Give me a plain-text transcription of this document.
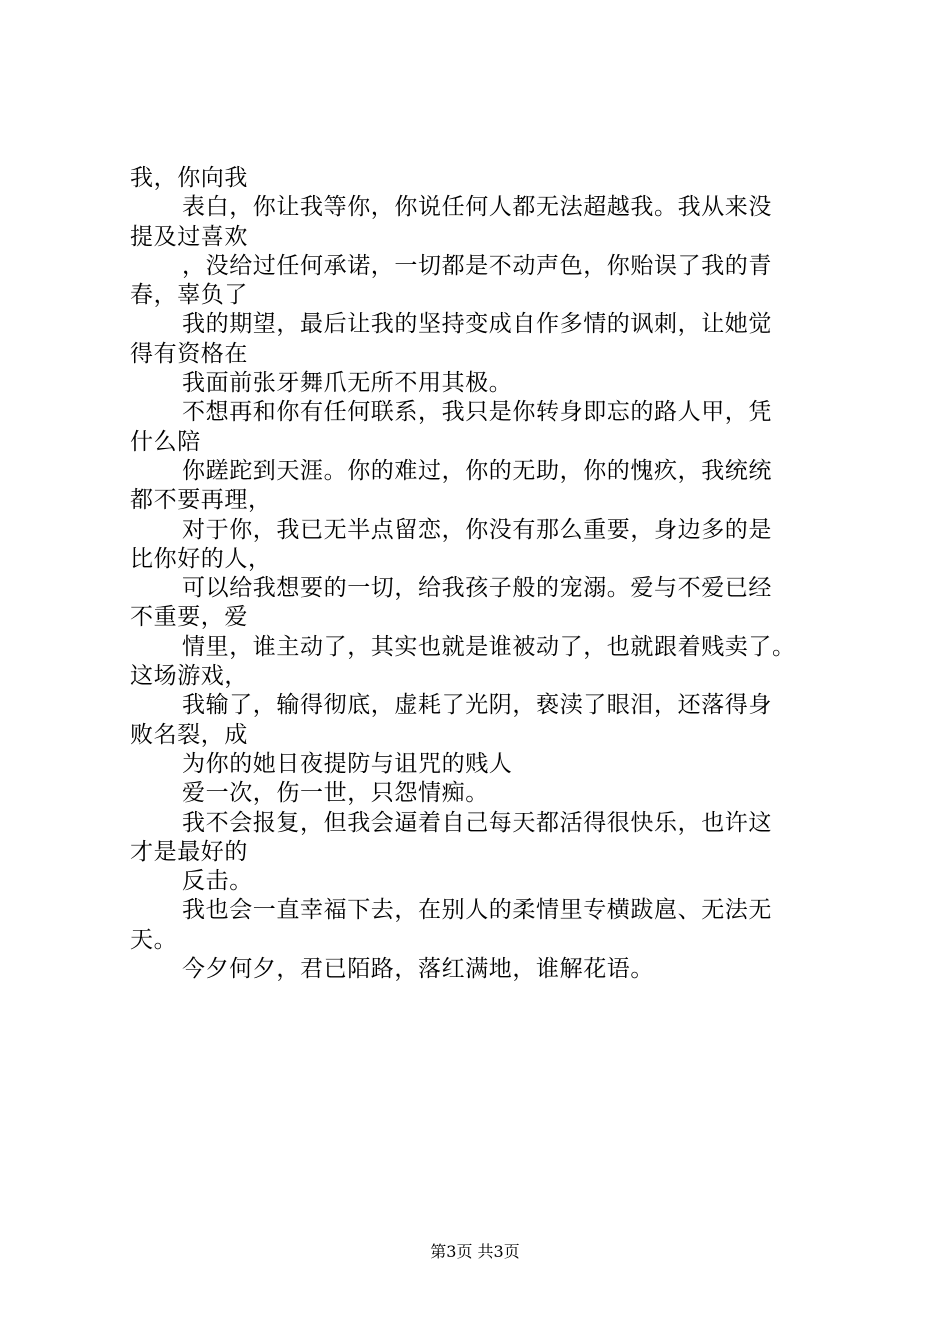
我，你向我
表白，你让我等你，你说任何人都无法超越我。我从来没
提及过喜欢
，没给过任何承诺，一切都是不动声色，你贻误了我的青
春，辜负了
我的期望，最后让我的坚持变成自作多情的讽刺，让她觉
得有资格在
我面前张牙舞爪无所不用其极。
不想再和你有任何联系，我只是你转身即忘的路人甲，凭
什么陪
你蹉跎到天涯。你的难过，你的无助，你的愧疚，我统统
都不要再理，
对于你，我已无半点留恋，你没有那么重要，身边多的是
比你好的人，
可以给我想要的一切，给我孩子般的宠溺。爱与不爱已经
不重要，爱
情里，谁主动了，其实也就是谁被动了，也就跟着贱卖了。
这场游戏，
我输了，输得彻底，虚耗了光阴，亵渎了眼泪，还落得身
败名裂，成
为你的她日夜提防与诅咒的贱人
爱一次，伤一世，只怨情痴。
我不会报复，但我会逼着自己每天都活得很快乐，也许这
才是最好的
反击。
我也会一直幸福下去，在别人的柔情里专横跋扈、无法无
天。
今夕何夕，君已陌路，落红满地，谁解花语。
第3页 共3页
